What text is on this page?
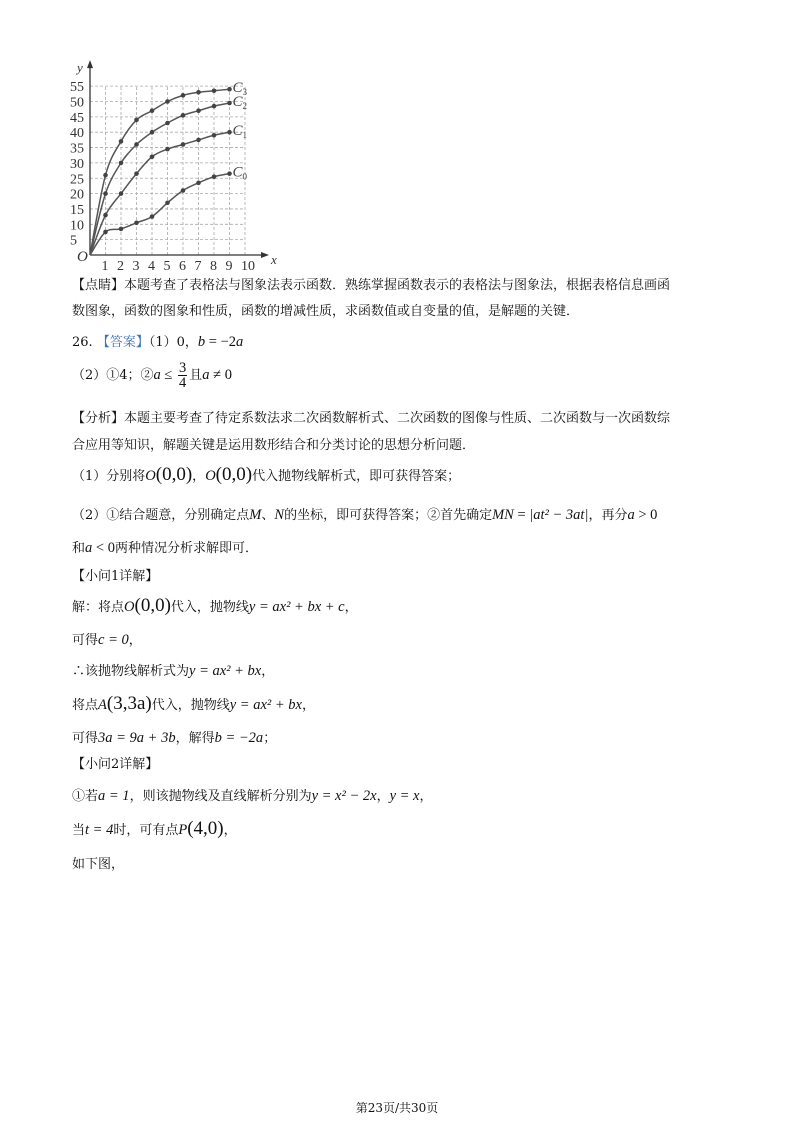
y
x
O
1 2 3 4 5 6 7 8 9 10
5
10
15
20
25
30
35
40
45
50
55	C 3
C 2
C 1
C 0
【点睛】本题考查了表格法与图象法表示函数．熟练掌握函数表示的表格法与图象法，根据表格信息画函
数图象，函数的图象和性质，函数的增减性质，求函数值或自变量的值，是解题的关键．
26. 【答案】（1）0，b = −2a
（2）①4；②a ≤ $\frac{3}{4}$ 且a ≠ 0
【分析】本题主要考查了待定系数法求二次函数解析式、二次函数的图像与性质、二次函数与一次函数综
合应用等知识，解题关键是运用数形结合和分类讨论的思想分析问题．
（1）分别将O(0,0)，O(0,0)代入抛物线解析式，即可获得答案；
（2）①结合题意，分别确定点M、N的坐标，即可获得答案；②首先确定MN = |at² − 3at|，再分a > 0
和a < 0两种情况分析求解即可．
【小问1详解】
解：将点O(0,0)代入，抛物线y = ax² + bx + c，
可得c = 0，
∴该抛物线解析式为y = ax² + bx，
将点A(3,3a)代入，抛物线y = ax² + bx，
可得3a = 9a + 3b，解得b = −2a；
【小问2详解】
①若a = 1，则该抛物线及直线解析分别为y = x² − 2x，y = x，
当t = 4时，可有点P(4,0)，
如下图，
第23页/共30页
